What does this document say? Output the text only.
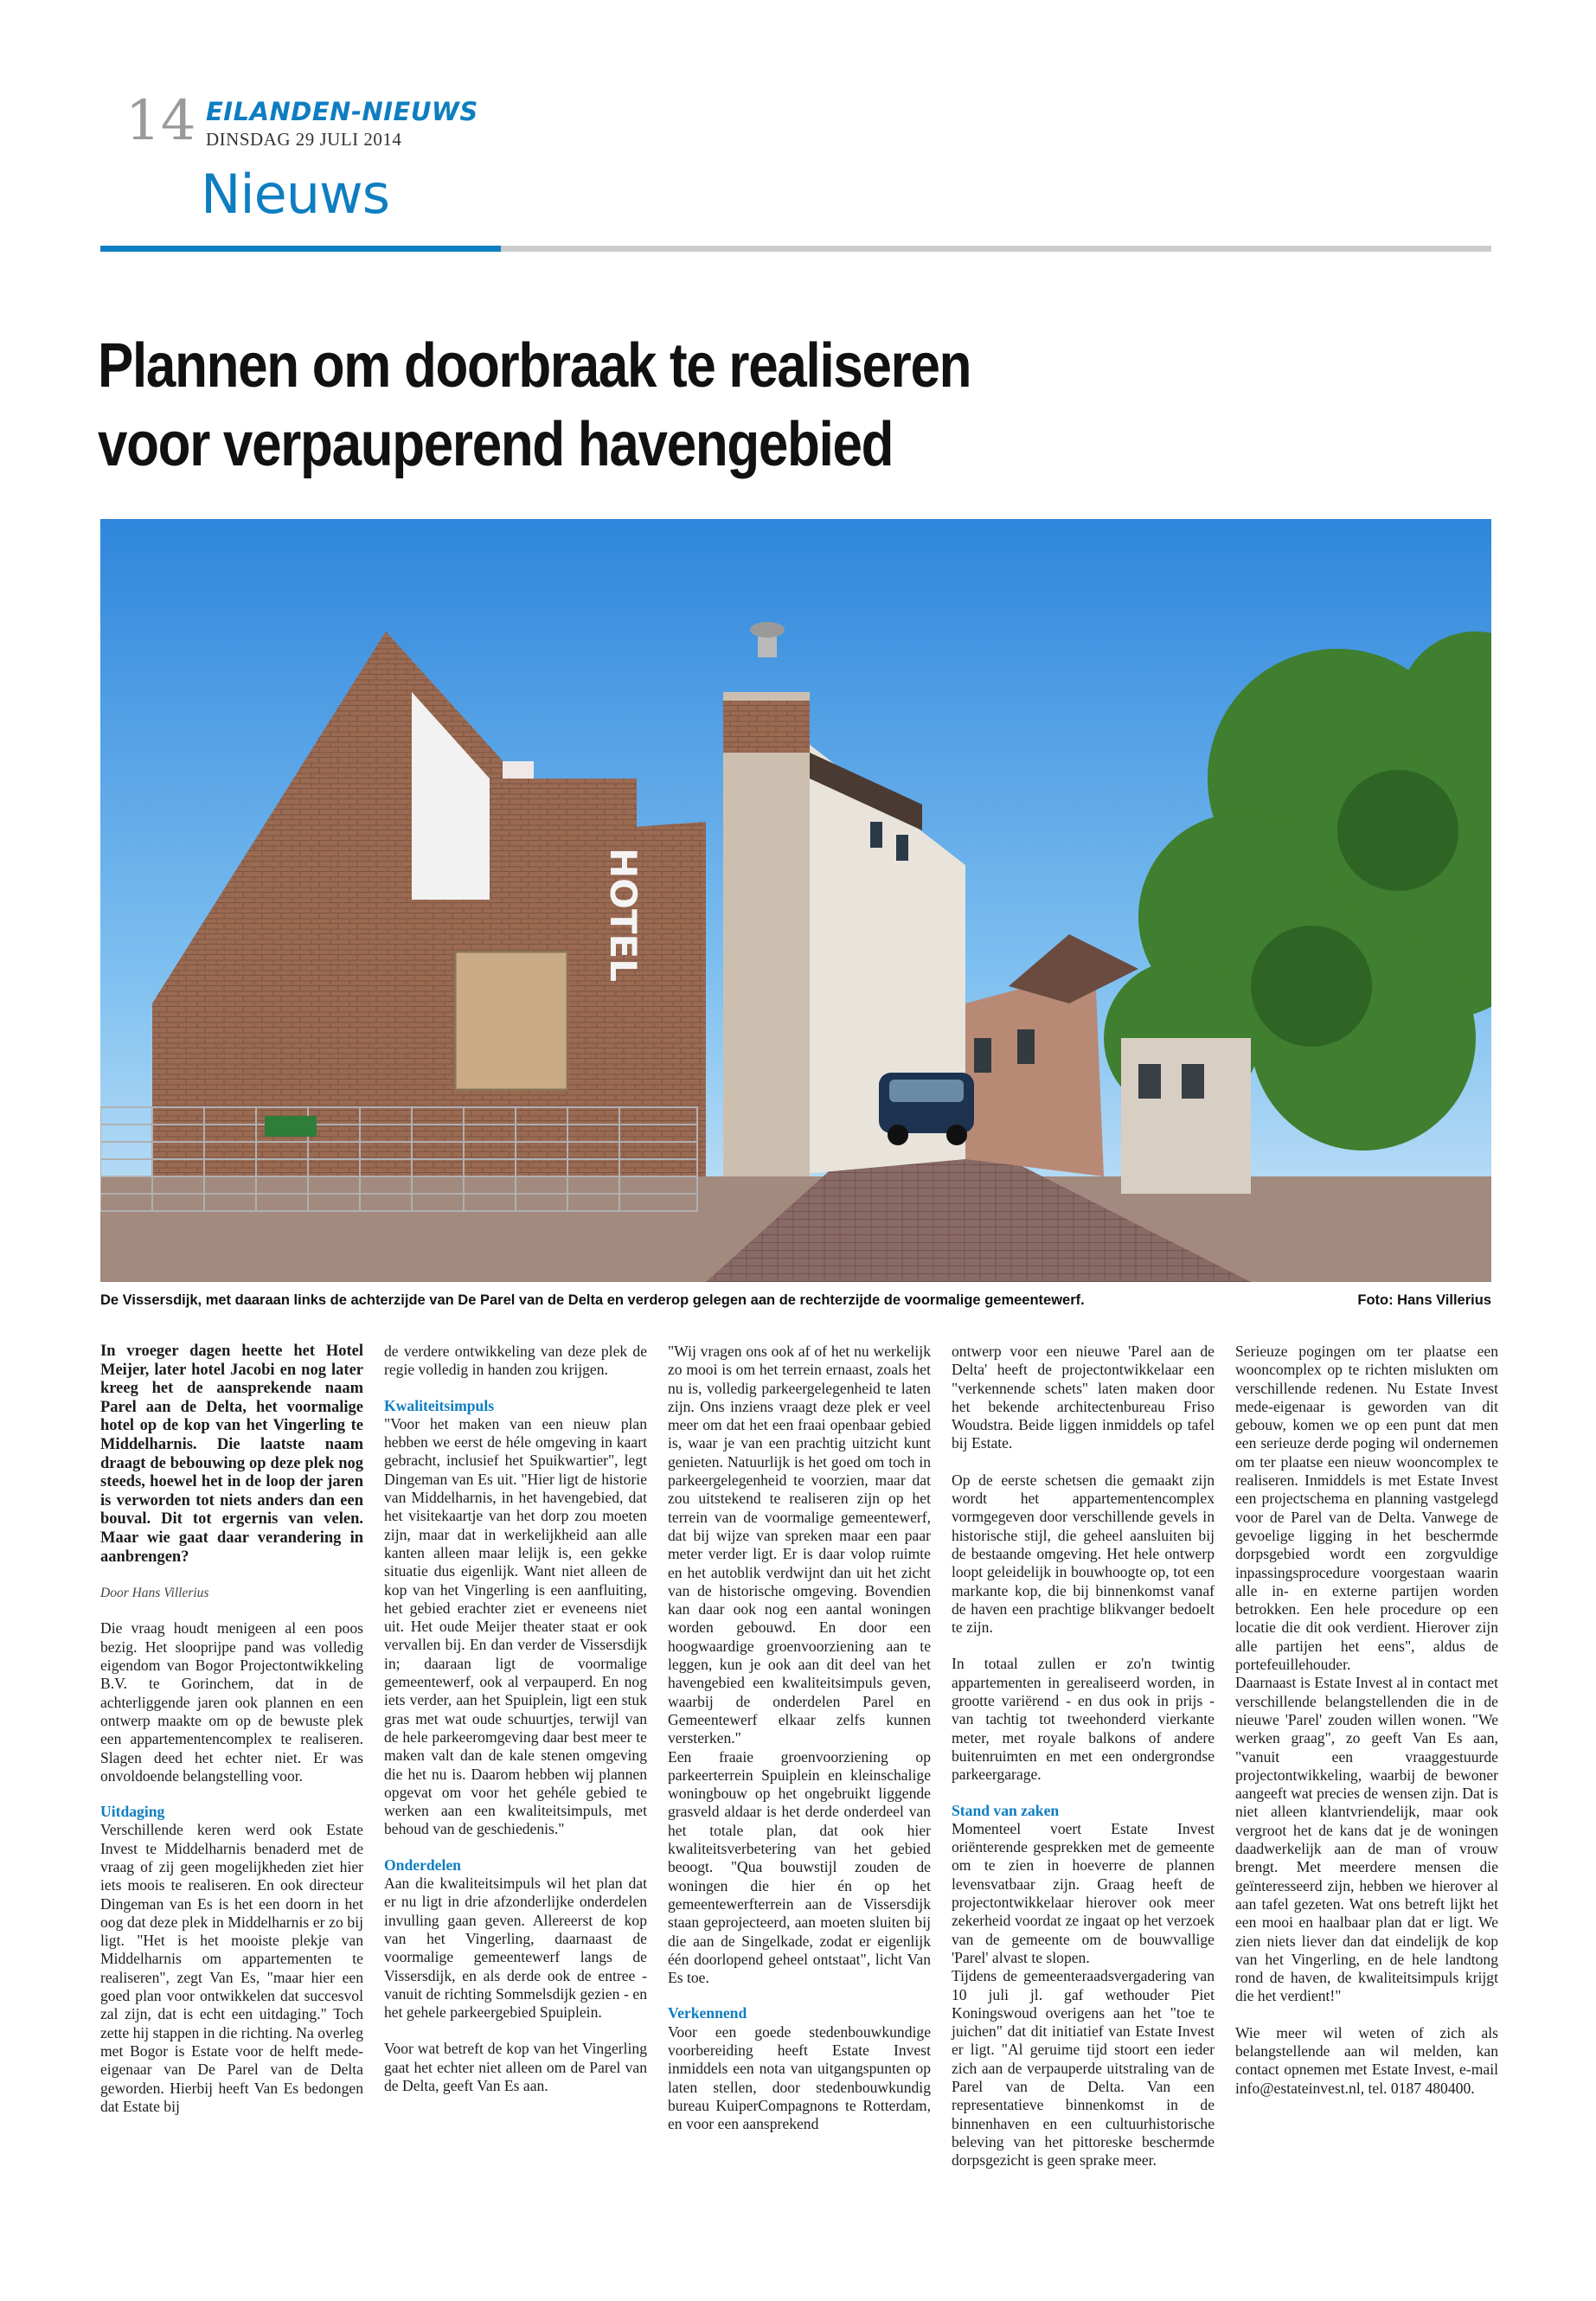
14 EILANDEN-NIEUWS
DINSDAG 29 JULI 2014
Nieuws
Plannen om doorbraak te realiseren
voor verpauperend havengebied
HOTEL
De Vissersdijk, met daaraan links de achterzijde van De Parel van de Delta en verderop gelegen aan de rechterzijde de voormalige gemeentewerf.	Foto: Hans Villerius

In vroeger dagen heette het Hotel Meijer, later hotel Jacobi en nog later kreeg het de aansprekende naam Parel aan de Delta, het voormalige hotel op de kop van het Vingerling te Middelharnis. Die laatste naam draagt de bebouwing op deze plek nog steeds, hoewel het in de loop der jaren is verworden tot niets anders dan een bouval. Dit tot ergernis van velen. Maar wie gaat daar verandering in aanbrengen?

Door Hans Villerius

Die vraag houdt menigeen al een poos bezig. Het slooprijpe pand was volledig eigendom van Bogor Projectontwikkeling B.V. te Gorinchem, dat in de achterliggende jaren ook plannen en een ontwerp maakte om op de bewuste plek een appartementencomplex te realiseren. Slagen deed het echter niet. Er was onvoldoende belangstelling voor.

Uitdaging

Verschillende keren werd ook Estate Invest te Middelharnis benaderd met de vraag of zij geen mogelijkheden ziet hier iets moois te realiseren. En ook directeur Dingeman van Es is het een doorn in het oog dat deze plek in Middelharnis er zo bij ligt. "Het is het mooiste plekje van Middelharnis om appartementen te realiseren", zegt Van Es, "maar hier een goed plan voor ontwikkelen dat succesvol zal zijn, dat is echt een uitdaging." Toch zette hij stappen in die richting. Na overleg met Bogor is Estate voor de helft mede-eigenaar van De Parel van de Delta geworden. Hierbij heeft Van Es bedongen dat Estate bij

de verdere ontwikkeling van deze plek de regie volledig in handen zou krijgen.

Kwaliteitsimpuls

"Voor het maken van een nieuw plan hebben we eerst de héle omgeving in kaart gebracht, inclusief het Spuikwartier", legt Dingeman van Es uit. "Hier ligt de historie van Middelharnis, in het havengebied, dat het visitekaartje van het dorp zou moeten zijn, maar dat in werkelijkheid aan alle kanten alleen maar lelijk is, een gekke situatie dus eigenlijk. Want niet alleen de kop van het Vingerling is een aanfluiting, het gebied erachter ziet er eveneens niet uit. Het oude Meijer theater staat er ook vervallen bij. En dan verder de Vissersdijk in; daaraan ligt de voormalige gemeentewerf, ook al verpauperd. En nog iets verder, aan het Spuiplein, ligt een stuk gras met wat oude schuurtjes, terwijl van de hele parkeeromgeving daar best meer te maken valt dan de kale stenen omgeving die het nu is. Daarom hebben wij plannen opgevat om voor het gehéle gebied te werken aan een kwaliteitsimpuls, met behoud van de geschiedenis."

Onderdelen

Aan die kwaliteitsimpuls wil het plan dat er nu ligt in drie afzonderlijke onderdelen invulling gaan geven. Allereerst de kop van het Vingerling, daarnaast de voormalige gemeentewerf langs de Vissersdijk, en als derde ook de entree - vanuit de richting Sommelsdijk gezien - en het gehele parkeergebied Spuiplein.

Voor wat betreft de kop van het Vingerling gaat het echter niet alleen om de Parel van de Delta, geeft Van Es aan.

"Wij vragen ons ook af of het nu werkelijk zo mooi is om het terrein ernaast, zoals het nu is, volledig parkeergelegenheid te laten zijn. Ons inziens vraagt deze plek er veel meer om dat het een fraai openbaar gebied is, waar je van een prachtig uitzicht kunt genieten. Natuurlijk is het goed om toch in parkeergelegenheid te voorzien, maar dat zou uitstekend te realiseren zijn op het terrein van de voormalige gemeentewerf, dat bij wijze van spreken maar een paar meter verder ligt. Er is daar volop ruimte en het autoblik verdwijnt dan uit het zicht van de historische omgeving. Bovendien kan daar ook nog een aantal woningen worden gebouwd. En door een hoogwaardige groenvoorziening aan te leggen, kun je ook aan dit deel van het havengebied een kwaliteitsimpuls geven, waarbij de onderdelen Parel en Gemeentewerf elkaar zelfs kunnen versterken."

Een fraaie groenvoorziening op parkeerterrein Spuiplein en kleinschalige woningbouw op het ongebruikt liggende grasveld aldaar is het derde onderdeel van het totale plan, dat ook hier kwaliteitsverbetering van het gebied beoogt. "Qua bouwstijl zouden de woningen die hier én op het gemeentewerfterrein aan de Vissersdijk staan geprojecteerd, aan moeten sluiten bij die aan de Singelkade, zodat er eigenlijk één doorlopend geheel ontstaat", licht Van Es toe.

Verkennend

Voor een goede stedenbouwkundige voorbereiding heeft Estate Invest inmiddels een nota van uitgangspunten op laten stellen, door stedenbouwkundig bureau KuiperCompagnons te Rotterdam, en voor een aansprekend

ontwerp voor een nieuwe 'Parel aan de Delta' heeft de projectontwikkelaar een "verkennende schets" laten maken door het bekende architectenbureau Friso Woudstra. Beide liggen inmiddels op tafel bij Estate.

Op de eerste schetsen die gemaakt zijn wordt het appartementencomplex vormgegeven door verschillende gevels in historische stijl, die geheel aansluiten bij de bestaande omgeving. Het hele ontwerp loopt geleidelijk in bouwhoogte op, tot een markante kop, die bij binnenkomst vanaf de haven een prachtige blikvanger bedoelt te zijn.

In totaal zullen er zo'n twintig appartementen in gerealiseerd worden, in grootte variërend - en dus ook in prijs - van tachtig tot tweehonderd vierkante meter, met royale balkons of andere buitenruimten en met een ondergrondse parkeergarage.

Stand van zaken

Momenteel voert Estate Invest oriënterende gesprekken met de gemeente om te zien in hoeverre de plannen levensvatbaar zijn. Graag heeft de projectontwikkelaar hierover ook meer zekerheid voordat ze ingaat op het verzoek van de gemeente om de bouwvallige 'Parel' alvast te slopen.

Tijdens de gemeenteraadsvergadering van 10 juli jl. gaf wethouder Piet Koningswoud overigens aan het "toe te juichen" dat dit initiatief van Estate Invest er ligt. "Al geruime tijd stoort een ieder zich aan de verpauperde uitstraling van de Parel van de Delta. Van een representatieve binnenkomst in de binnenhaven en een cultuurhistorische beleving van het pittoreske beschermde dorpsgezicht is geen sprake meer.

Serieuze pogingen om ter plaatse een wooncomplex op te richten mislukten om verschillende redenen. Nu Estate Invest mede-eigenaar is geworden van dit gebouw, komen we op een punt dat men een serieuze derde poging wil ondernemen om ter plaatse een nieuw wooncomplex te realiseren. Inmiddels is met Estate Invest een projectschema en planning vastgelegd voor de Parel van de Delta. Vanwege de gevoelige ligging in het beschermde dorpsgebied wordt een zorgvuldige inpassingsprocedure voorgestaan waarin alle in- en externe partijen worden betrokken. Een hele procedure op een locatie die dit ook verdient. Hierover zijn alle partijen het eens", aldus de portefeuillehouder.

Daarnaast is Estate Invest al in contact met verschillende belangstellenden die in de nieuwe 'Parel' zouden willen wonen. "We werken graag", zo geeft Van Es aan, "vanuit een vraaggestuurde projectontwikkeling, waarbij de bewoner aangeeft wat precies de wensen zijn. Dat is niet alleen klantvriendelijk, maar ook vergroot het de kans dat je de woningen daadwerkelijk aan de man of vrouw brengt. Met meerdere mensen die geïnteresseerd zijn, hebben we hierover al aan tafel gezeten. Wat ons betreft lijkt het een mooi en haalbaar plan dat er ligt. We zien niets liever dan dat eindelijk de kop van het Vingerling, en de hele landtong rond de haven, de kwaliteitsimpuls krijgt die het verdient!"

Wie meer wil weten of zich als belangstellende aan wil melden, kan contact opnemen met Estate Invest, e-mail info@estateinvest.nl, tel. 0187 480400.
